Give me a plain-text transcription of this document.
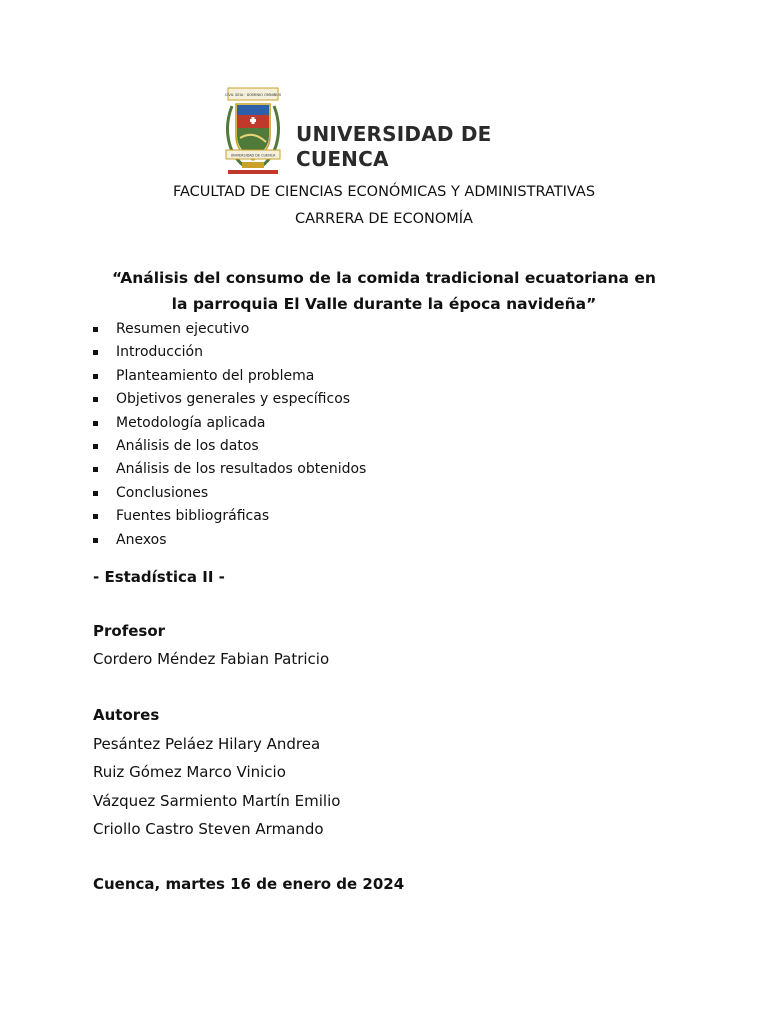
CIVIL SEIA · DOMINIO OMNIBUS
UNIVERSIDAD DE CUENCA
UNIVERSIDAD DE
CUENCA
FACULTAD DE CIENCIAS ECONÓMICAS Y ADMINISTRATIVAS
CARRERA DE ECONOMÍA
“Análisis del consumo de la comida tradicional ecuatoriana en
la parroquia El Valle durante la época navideña”
Resumen ejecutivo
Introducción
Planteamiento del problema
Objetivos generales y específicos
Metodología aplicada
Análisis de los datos
Análisis de los resultados obtenidos
Conclusiones
Fuentes bibliográficas
Anexos
- Estadística II -
Profesor
Cordero Méndez Fabian Patricio
Autores
Pesántez Peláez Hilary Andrea
Ruiz Gómez Marco Vinicio
Vázquez Sarmiento Martín Emilio
Criollo Castro Steven Armando
Cuenca, martes 16 de enero de 2024
